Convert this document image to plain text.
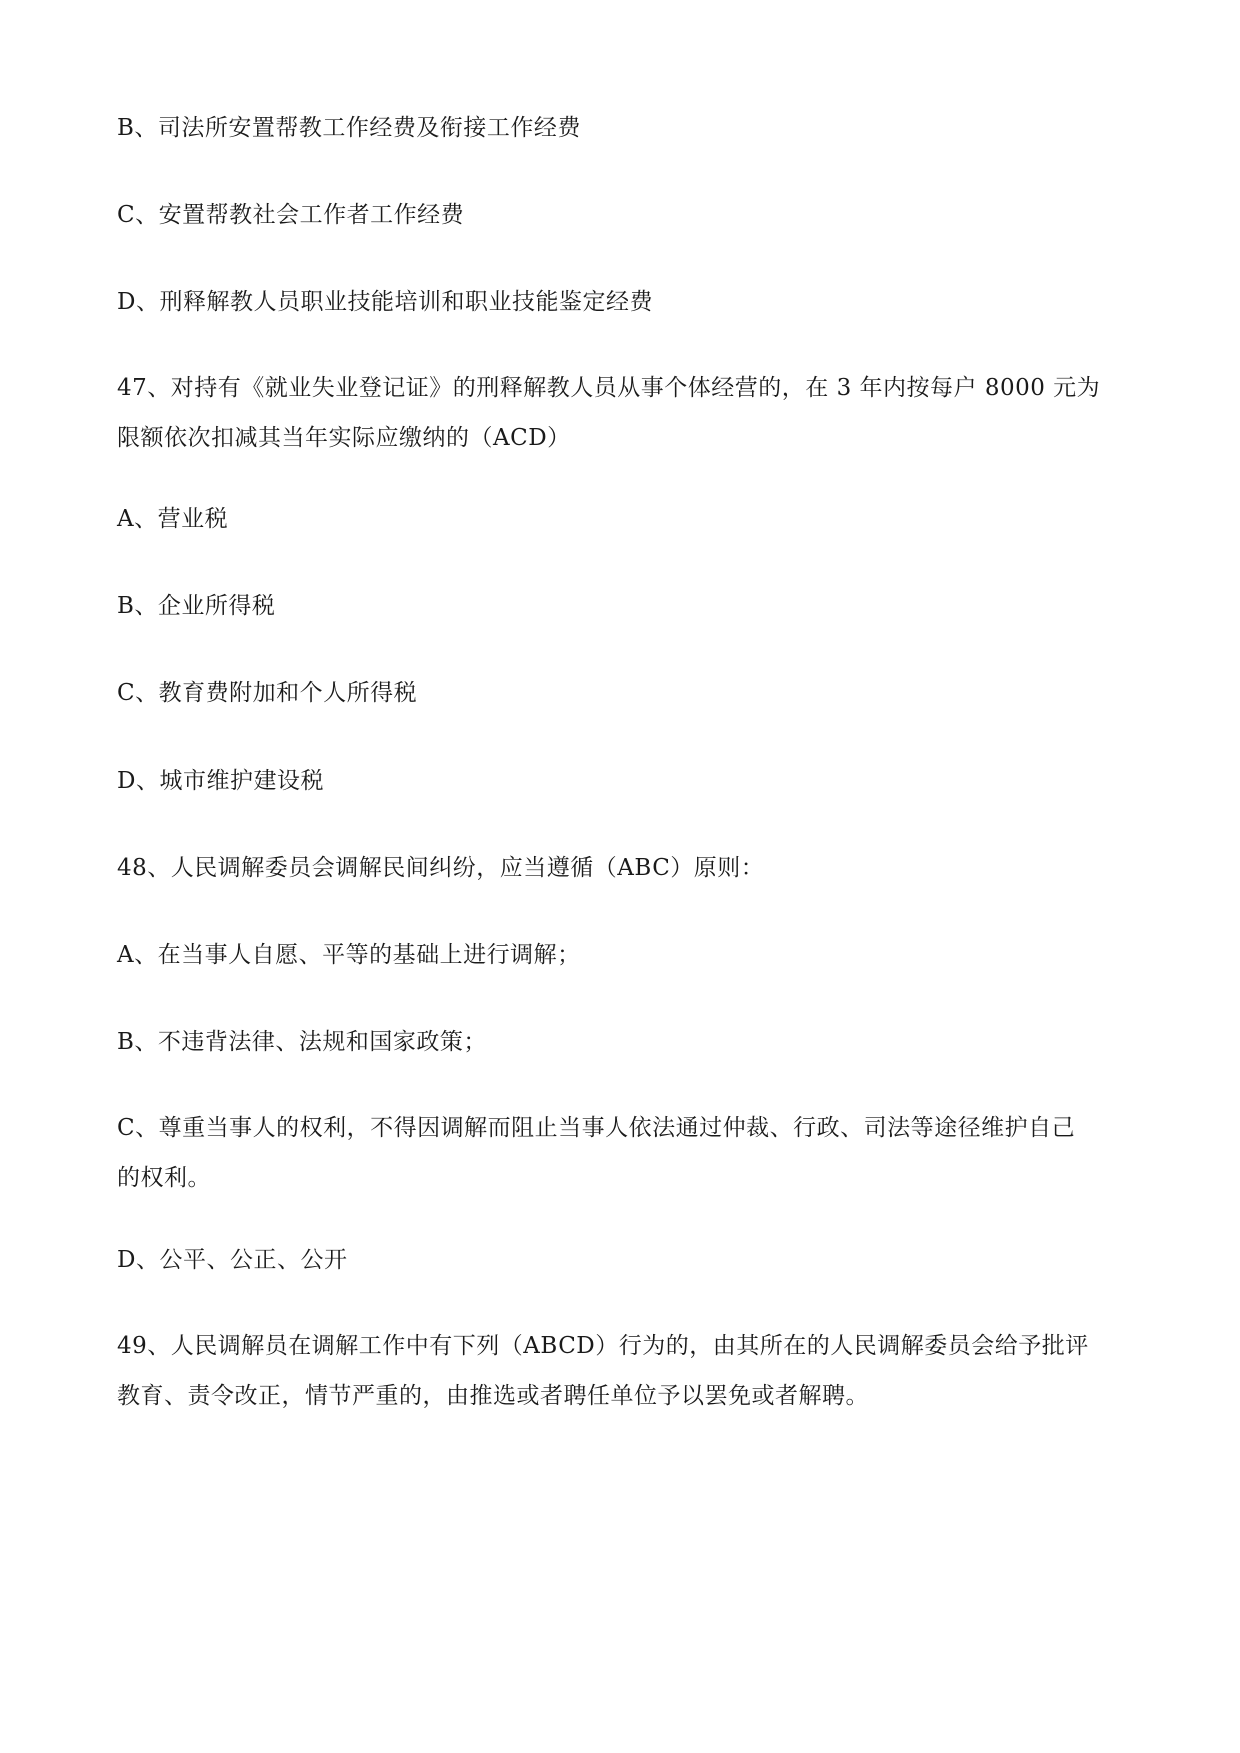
B、司法所安置帮教工作经费及衔接工作经费
C、安置帮教社会工作者工作经费
D、刑释解教人员职业技能培训和职业技能鉴定经费
47、对持有《就业失业登记证》的刑释解教人员从事个体经营的，在 3 年内按每户 8000 元为
限额依次扣减其当年实际应缴纳的（ACD）
A、营业税
B、企业所得税
C、教育费附加和个人所得税
D、城市维护建设税
48、人民调解委员会调解民间纠纷，应当遵循（ABC）原则：
A、在当事人自愿、平等的基础上进行调解；
B、不违背法律、法规和国家政策；
C、尊重当事人的权利，不得因调解而阻止当事人依法通过仲裁、行政、司法等途径维护自己
的权利。
D、公平、公正、公开
49、人民调解员在调解工作中有下列（ABCD）行为的，由其所在的人民调解委员会给予批评
教育、责令改正，情节严重的，由推选或者聘任单位予以罢免或者解聘。
